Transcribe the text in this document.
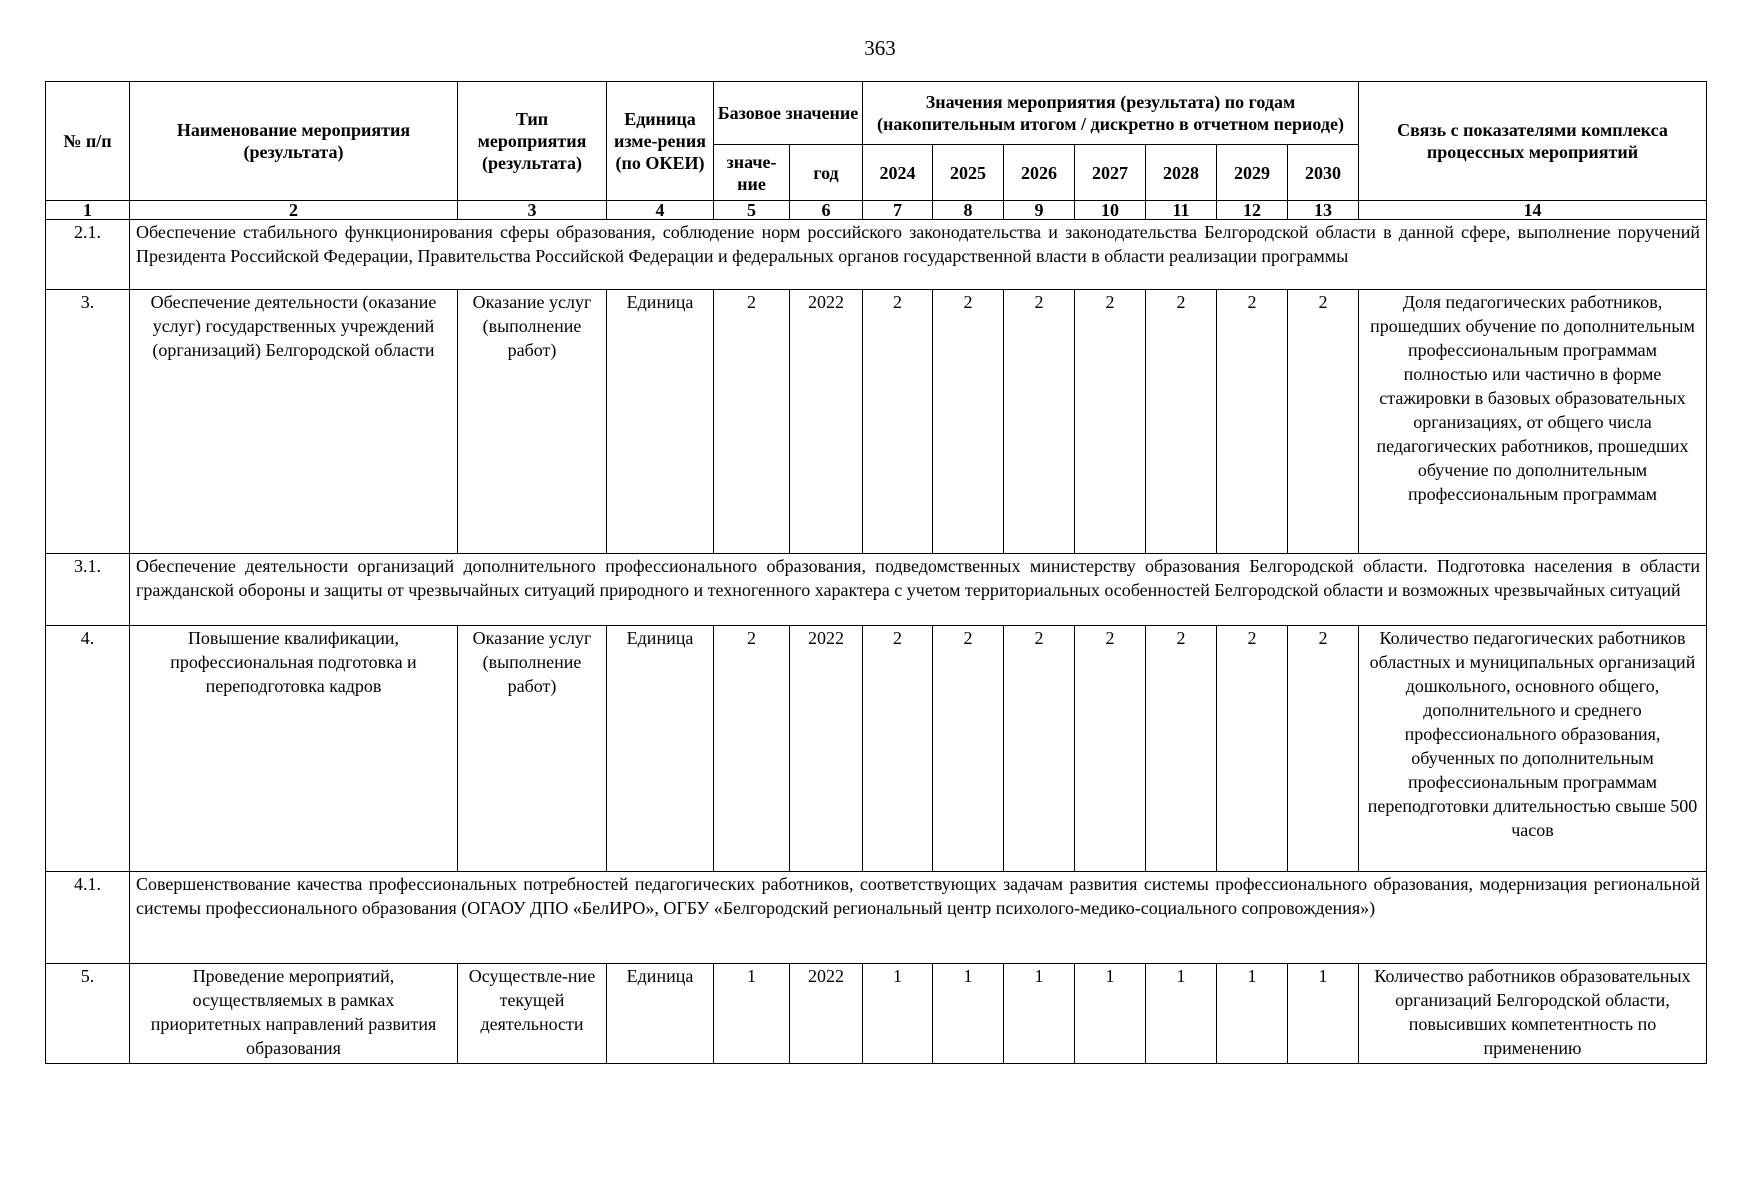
363
№ п/п	Наименование мероприятия (результата)	Тип мероприятия (результата)	Единица изме-рения (по ОКЕИ)	Базовое значение		Значения мероприятия (результата) по годам (накопительным итогом / дискретно в отчетном периоде)							Связь с показателями комплекса процессных мероприятий
				значе-ние	год	2024	2025	2026	2027	2028	2029	2030	
1	2	3	4	5	6	7	8	9	10	11	12	13	14
2.1.	Обеспечение стабильного функционирования сферы образования, соблюдение норм российского законодательства и законодательства Белгородской области в данной сфере, выполнение поручений Президента Российской Федерации, Правительства Российской Федерации и федеральных органов государственной власти в области реализации программы												
3.	Обеспечение деятельности (оказание услуг) государственных учреждений (организаций) Белгородской области	Оказание услуг (выполнение работ)	Единица	2	2022	2	2	2	2	2	2	2	Доля педагогических работников, прошедших обучение по дополнительным профессиональным программам полностью или частично в форме стажировки в базовых образовательных организациях, от общего числа педагогических работников, прошедших обучение по дополнительным профессиональным программам
3.1.	Обеспечение деятельности организаций дополнительного профессионального образования, подведомственных министерству образования Белгородской области. Подготовка населения в области гражданской обороны и защиты от чрезвычайных ситуаций природного и техногенного характера с учетом территориальных особенностей Белгородской области и возможных чрезвычайных ситуаций												
4.	Повышение квалификации, профессиональная подготовка и переподготовка кадров	Оказание услуг (выполнение работ)	Единица	2	2022	2	2	2	2	2	2	2	Количество педагогических работников областных и муниципальных организаций дошкольного, основного общего, дополнительного и среднего профессионального образования, обученных по дополнительным профессиональным программам переподготовки длительностью свыше 500 часов
4.1.	Совершенствование качества профессиональных потребностей педагогических работников, соответствующих задачам развития системы профессионального образования, модернизация региональной системы профессионального образования (ОГАОУ ДПО «БелИРО», ОГБУ «Белгородский региональный центр психолого-медико-социального сопровождения»)												
5.	Проведение мероприятий, осуществляемых в рамках приоритетных направлений развития образования	Осуществле-ние текущей деятельности	Единица	1	2022	1	1	1	1	1	1	1	Количество работников образовательных организаций Белгородской области, повысивших компетентность по применению
